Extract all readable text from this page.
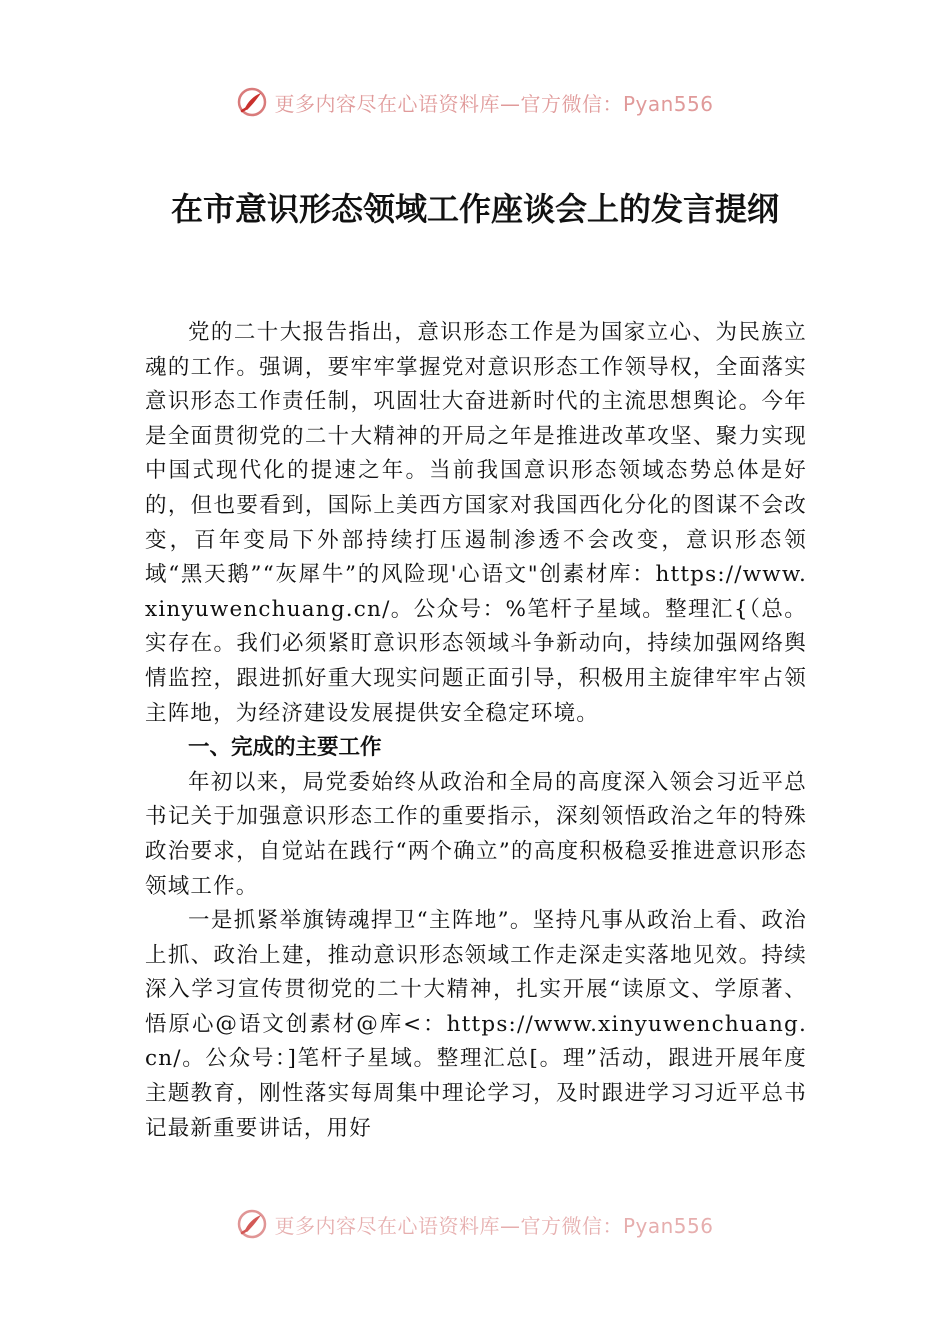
更多内容尽在心语资料库—官方微信：Pyan556
在市意识形态领域工作座谈会上的发言提纲

党的二十大报告指出，意识形态工作是为国家立心、为民族立魂的工作。强调，要牢牢掌握党对意识形态工作领导权，全面落实意识形态工作责任制，巩固壮大奋进新时代的主流思想舆论。今年是全面贯彻党的二十大精神的开局之年是推进改革攻坚、聚力实现中国式现代化的提速之年。当前我国意识形态领域态势总体是好的，但也要看到，国际上美西方国家对我国西化分化的图谋不会改变，百年变局下外部持续打压遏制渗透不会改变，意识形态领域“黑天鹅”“灰犀牛”的风险现'心语文"创素材库：https://www.xinyuwenchuang.cn/。公众号：%笔杆子星域。整理汇{（总。实存在。我们必须紧盯意识形态领域斗争新动向，持续加强网络舆情监控，跟进抓好重大现实问题正面引导，积极用主旋律牢牢占领主阵地，为经济建设发展提供安全稳定环境。

一、完成的主要工作

年初以来，局党委始终从政治和全局的高度深入领会习近平总书记关于加强意识形态工作的重要指示，深刻领悟政治之年的特殊政治要求，自觉站在践行“两个确立”的高度积极稳妥推进意识形态领域工作。

一是抓紧举旗铸魂捍卫“主阵地”。坚持凡事从政治上看、政治上抓、政治上建，推动意识形态领域工作走深走实落地见效。持续深入学习宣传贯彻党的二十大精神，扎实开展“读原文、学原著、悟原心@语文创素材@库<：https://www.xinyuwenchuang.cn/。公众号：]笔杆子星域。整理汇总[。理”活动，跟进开展年度主题教育，刚性落实每周集中理论学习，及时跟进学习习近平总书记最新重要讲话，用好

更多内容尽在心语资料库—官方微信：Pyan556
